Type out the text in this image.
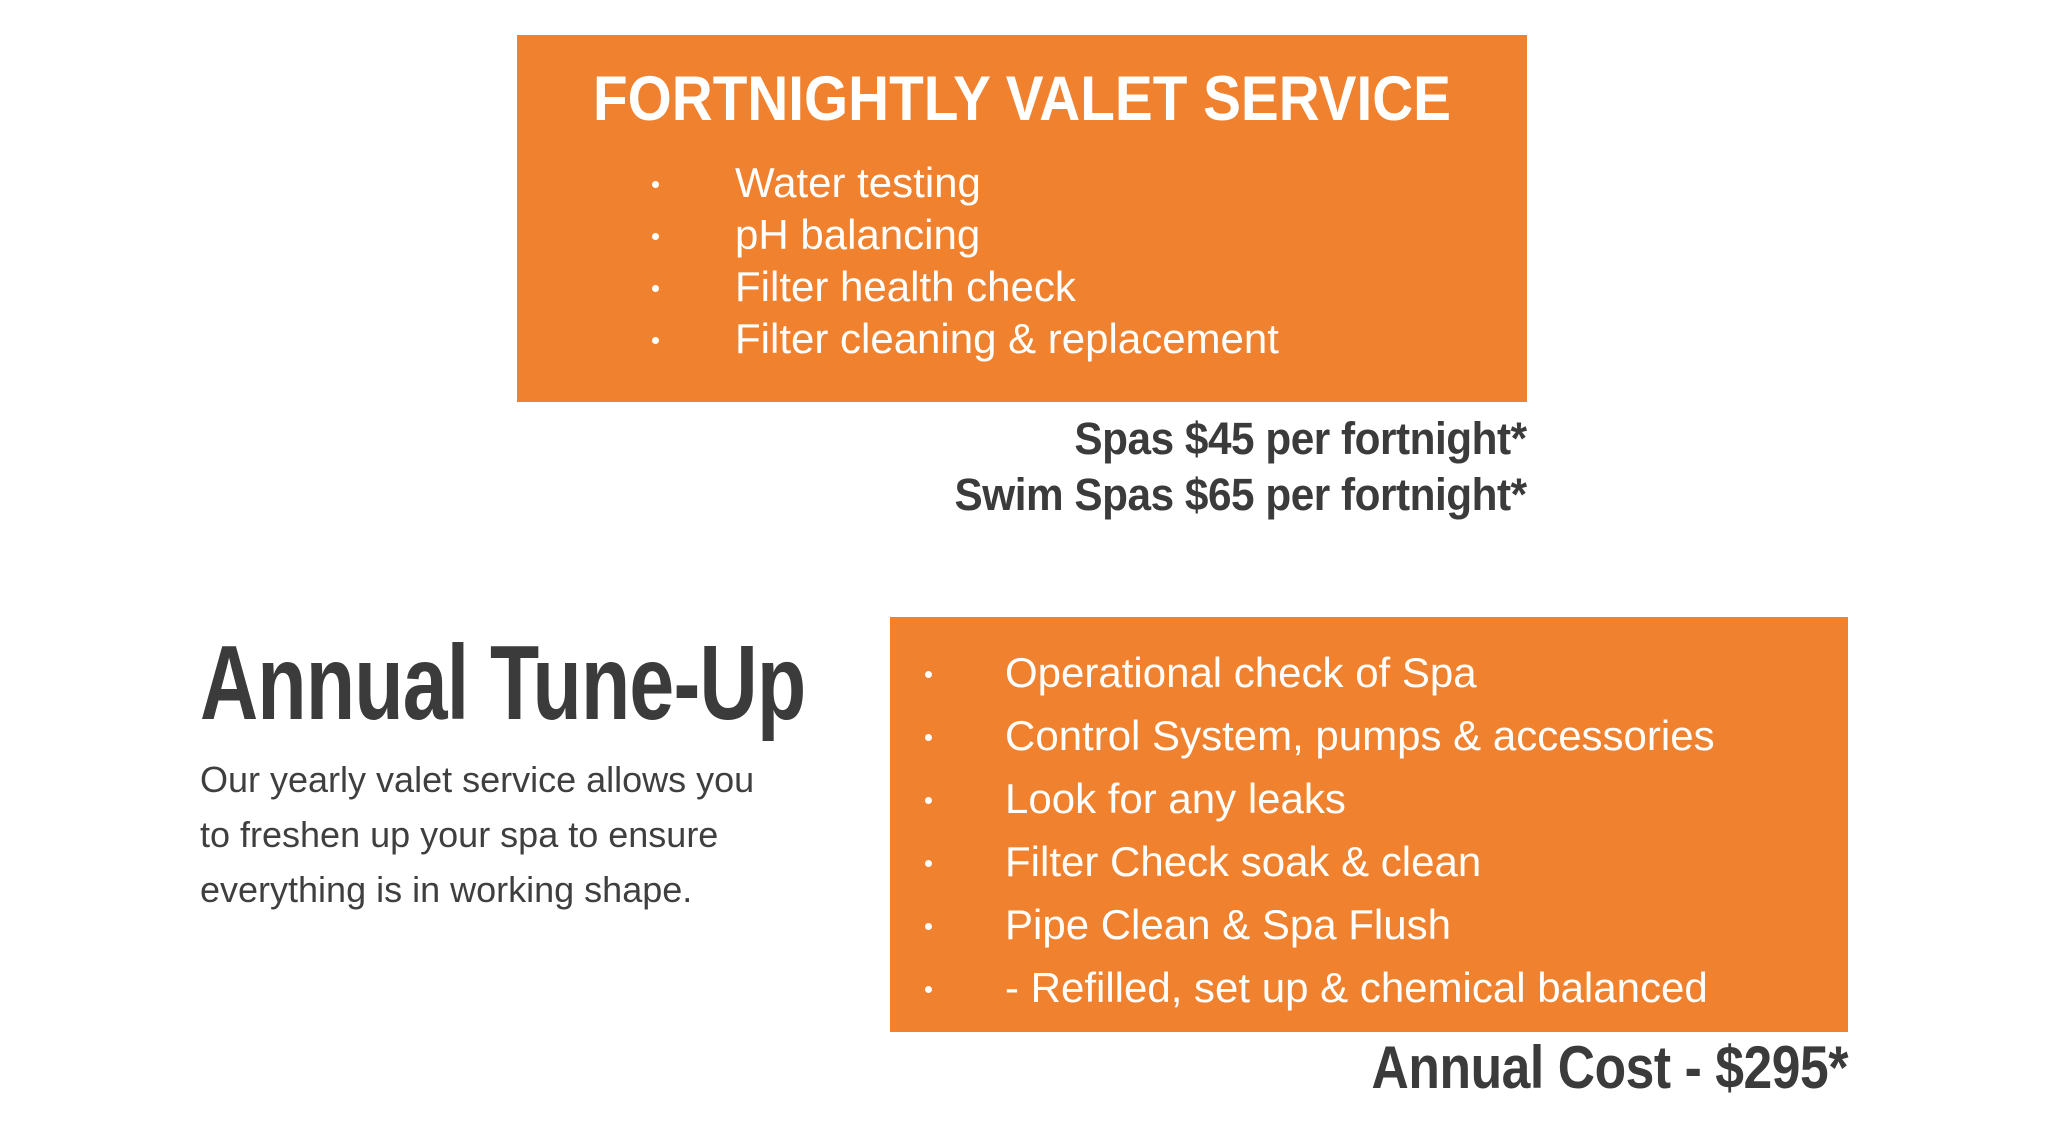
FORTNIGHTLY VALET SERVICE
Water testing
pH balancing
Filter health check
Filter cleaning & replacement
Spas $45 per fortnight*
Swim Spas $65 per fortnight*
Annual Tune-Up
Our yearly valet service allows you
to freshen up your spa to ensure
everything is in working shape.
Operational check of Spa
Control System, pumps & accessories
Look for any leaks
Filter Check soak & clean
Pipe Clean & Spa Flush
- Refilled, set up & chemical balanced
Annual Cost - $295*
